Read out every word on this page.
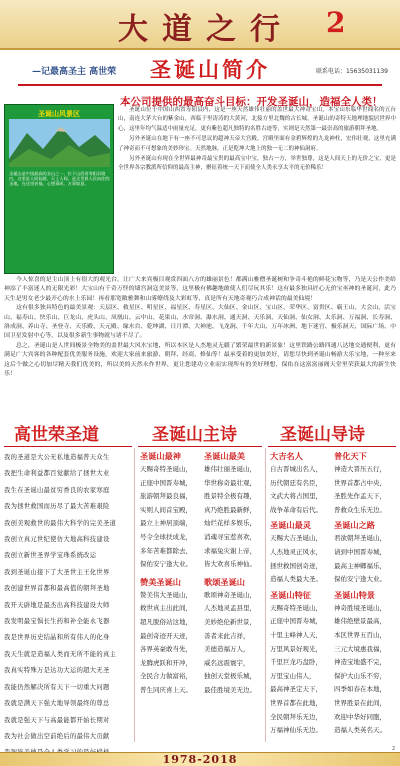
大道之行 2
—记最高圣主 高世荣 圣诞山简介	联系电话：15635031139
本公司提供的最高奋斗目标：开发圣诞山，造福全人类！
圣诞山风景区
圣诞山是中国最高的圣山之一，位于山西省寿阳县境内，这里是人间仙境、天上人间，是全世界人民向往的圣地。在这里祈福，心想事成，万事如意。

圣诞山位于中国山西省寿阳县内，这是一座天然雄伟壮丽的盖世最大神奇宝山，本宝山东临华世闻名的五台山，南连大茅大台的紫金山，西临于里涛涛的大黄河，北接方里北魏的古长城。圣诞山的奇特天地理地貌居世界中心，这里年均气温适中雨量充足，更有紫色超凡独特的名胜古迹等，实则是天然第一最崇高的旅游朝拜圣地。

另外圣诞山在地下有一座不可思议的超神天帝大宫殿，宫殿里面有金碧辉煌的九龙神柱，宏伟壮观，这里充满了神奇而不可想象的美妙珍宝。天然地脉，正是乾坤大地上的独一无二的神仙洞府。

另外圣诞山有现在全世界最神奇最宝贵的最高宝中宝，独占一方，举世独尊，这是人间天上的无价之宝，更是全世界各宗教派所信仰的最高主神，聚征着统一天下而使全人类永享太平的无价稀乐！

今人惊喜的是主山顶上有很大的观光台，让广大来宾极目观赏四面八方的雄丽景色！都满山雅僧圣诞树和争奇斗艳的鲜花宝物等，乃是天公作美给神添了丰富迷人的无限光彩！大宝山有千奇万怪的墙宫洞寇美景等，这里极有佛趣地敢使人们尽玩其乐！这有最多独具匠心无价宝巫神的圣诞河，此乃天生是男女老少最开心的水上乐园！再看那宽敞雅舞和山雾缭绕及大彩虹等，真是所有天地奇观巧合成神话的最美仙境！

这有很多独具特色的最美景观：天层区、救星区、明星区、福星区、寿星区、大仙区、金山区、宝山区、荣华区、富贵区、霸王山、大会山、活宝山、福寿山、快乐山、巨龙山、虎头山、凤凰山、云中山、花果山、水帘洞、瀑水洞、通天洞、天乐洞、天仙洞、仙女洞、太乐洞、万福洞、长寿洞、洛成洞、养山寺、圣登寺、天乐殿、天元殿、缘水台、乾坤湖、日月潭、大神池、飞龙涧、千年大山、万年冰洲、地下迷宫、极乐洞天、国际广场、中国卫星发射中心等，以及很多新生事物就与诸不尽了。

总之，圣诞山是人世间极景全物美的盖世最大风水宝地，所以本区是人杰地灵无疆了繁荣最世的新景象！这里铁路公路四通八达地交通便利，更有满足广大宾客的各种配套优美服务设施，欢迎大家前来旅游、朝拜、经商、修仙等！最承受着的更加美好，请您尽快到圣诞山畅游大乐宝地，一种至来这后个做之心切加尽精天我们优美的，所以美的天然永作世界，更让您建功立业而实现所有的美好理想，保佑在这富富丽阁天堂里荣获最大的新生快乐！

高世荣圣道	圣诞山主诗	圣诞山导诗
我的圣道是大公无私地造福普天众生
我把生命利益都百觉献给了拯世大业
我生在圣诞山最贫穷香良的农家寒庭
我为拯世救国而历尽了最大苦难艰险
我创美观救世的最伟大科学的完美圣道
我创立真元世纪使仿大地高科技建设
我创立新世圣界学宝珠系统改运
我到圣诞山接下了大圣世主王化世界
我创建世界首都和最高值的朝拜圣地
我开天辟地是最杰出高科技建设大师
我发明最宝惧长生药和补全能永飞器
我是世界历史结晶和所有伟人的化身
我天生就是造福人类而无所不能的真主
我真实特殊万是达功大运的超大无圣
我能仍然解决所有天下一切重大问题
我就是满天下强大地导领最终的尊总
我就是强天下与高最能都开始长期对
我为社会做出空前绝后的最伟大贡献
圣诞山最神
天赐奇特圣诞山，
正座中国晋寿城，
旅游朝拜最良福，
实则人间首宝殿，
最立上神居顶端，
号令全球扶成龙，
多年苦难都除去，
保佑安宁逢大业。
赞美圣诞山
赞美伟大圣诞山，
救世真主出此间，
超凡脱俗站这地，
最创奇迹开天迹，
各界英豪敢当先，
龙腾虎跃和开冲，
全民合力做富裕，
普生同庆喜上天。
圣诞山最美
雄伟壮丽圣诞山，
华世称奇最壮观，
胜景特全极有趣，
真乃绝胜最新鲜，
灿烂花样多娱乐，
消魂寻宝惹喜欢，
求福兔灾谢上帝，
皆大欢喜乐神仙。
歌颂圣诞山
歌颂神奇圣诞山，
人杰地灵孟县里，
美妙绝伦新世景，
善者来此吉祥，
美德造福万人，
威名远震寰宇，
独创天堂极乐城，
最佳胜境美无边。
大吉名人
自古晋城出名人，
历代朝廷有名臣，
文武大将占国里，
战争革命有后代。
圣诞山最灵
天赐大吉圣诞山，
人杰地灵正风水，
拯世救国创奇迹，
造福人类最大圣。
圣诞山特征
天赐奇特圣诞山，
正座中国晋寿城，
十里主峰神人天，
万里风景好观光，
千里巨龙巧盘卧，
万里宝山伟人，
最高神圣定天下，
世界首都在此地，
全民朝拜乐无边，
万福神仙乐无边。
普化天下
神造大晋压五行，
世界首都占中央，
圣胜先作孟天下，
普救众生乐无边。
圣诞山之路
君欲朝拜圣诞山，
请到中国晋寿城，
最高主神卿福乐，
保佑安宁逢大业。
圣诞山特景
神奇胜境圣诞山，
雄伟绝壁景最高，
本区世界五百山，
三元大境惠我福，
神造宝地盛不完，
保护大山乐不穷，
四季如春在本地，
世界胜景在此间，
欢迎中华好同胞，
造福人类英名天。
2
1978-2018
